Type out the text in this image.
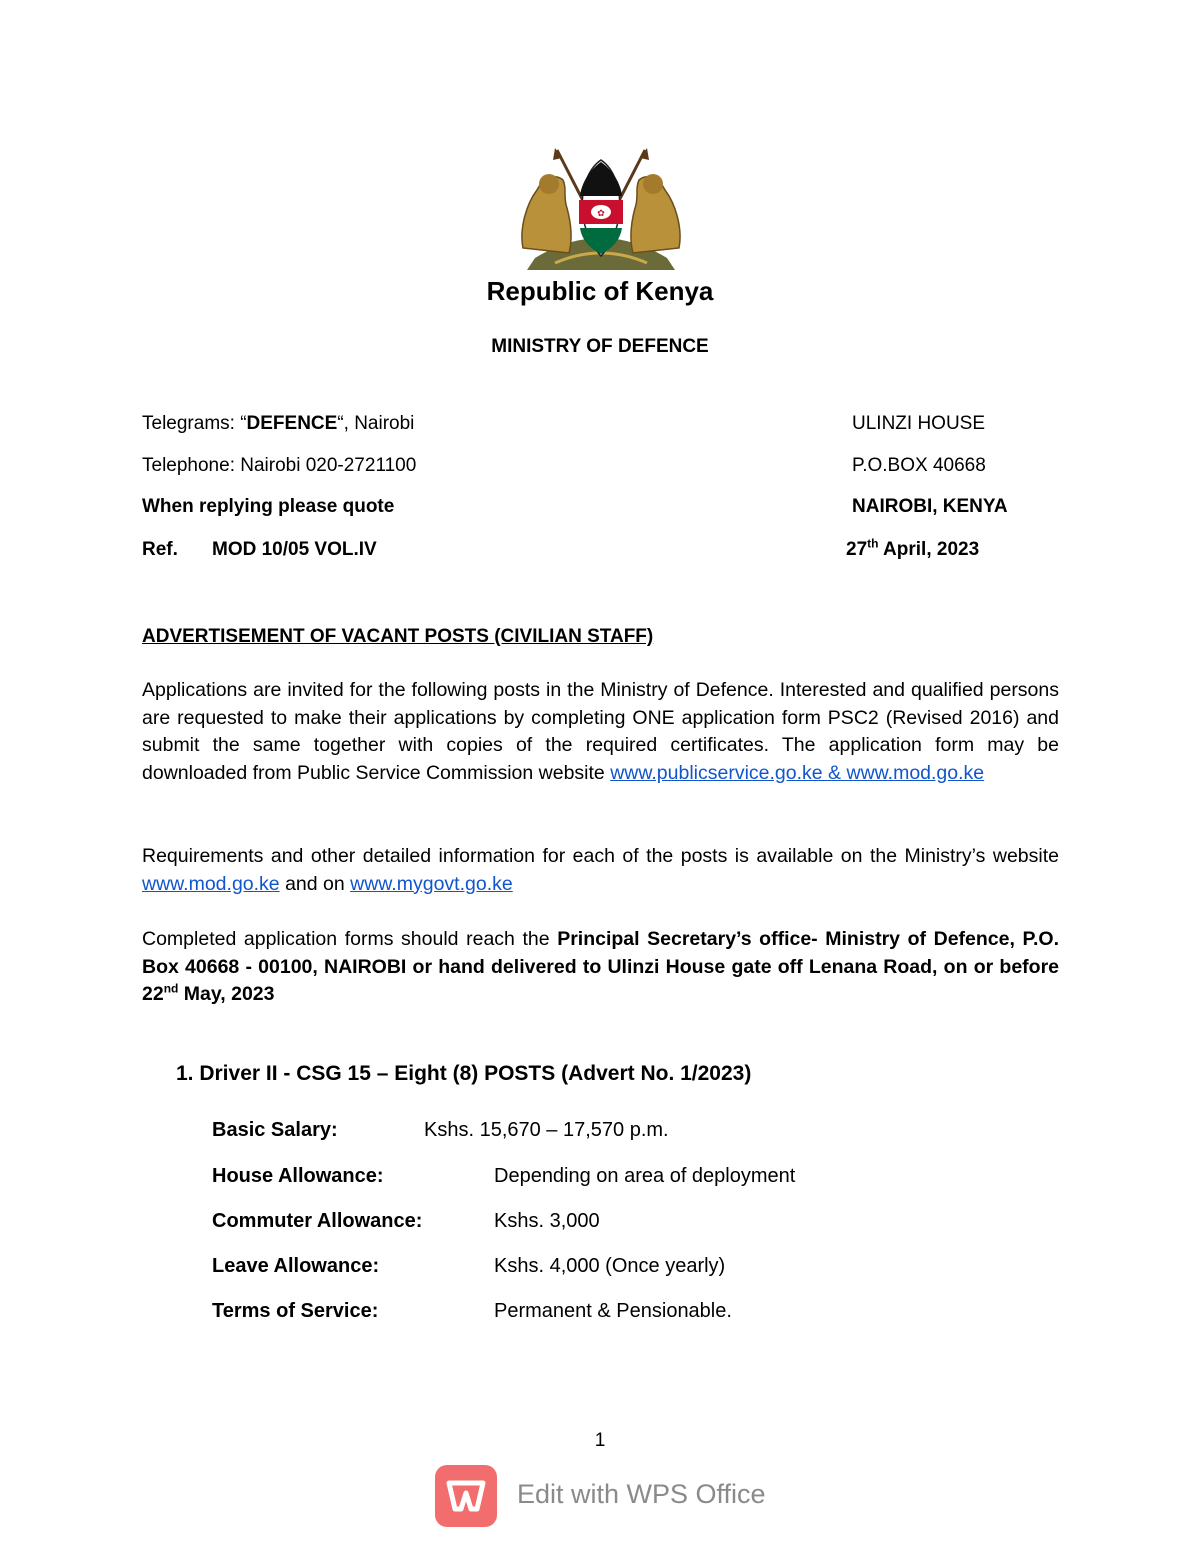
✿
Republic of Kenya
MINISTRY OF DEFENCE
Telegrams: “DEFENCE“, Nairobi
Telephone: Nairobi 020-2721100
When replying please quote
Ref. MOD 10/05 VOL.IV
ULINZI HOUSE
P.O.BOX 40668
NAIROBI, KENYA
27th April, 2023
ADVERTISEMENT OF VACANT POSTS (CIVILIAN STAFF)
Applications are invited for the following posts in the Ministry of Defence. Interested and qualified persons are requested to make their applications by completing ONE application form PSC2 (Revised 2016) and submit the same together with copies of the required certificates. The application form may be downloaded from Public Service Commission website www.publicservice.go.ke & www.mod.go.ke
Requirements and other detailed information for each of the posts is available on the Ministry’s website www.mod.go.ke and on www.mygovt.go.ke
Completed application forms should reach the Principal Secretary’s office- Ministry of Defence, P.O. Box 40668 - 00100, NAIROBI or hand delivered to Ulinzi House gate off Lenana Road, on or before 22nd May, 2023
1. Driver II - CSG 15 – Eight (8) POSTS (Advert No. 1/2023)
Basic Salary:	Kshs. 15,670 – 17,570 p.m.
House Allowance:	Depending on area of deployment
Commuter Allowance:	Kshs. 3,000
Leave Allowance:	Kshs. 4,000 (Once yearly)
Terms of Service:	Permanent & Pensionable.
1
Edit with WPS Office
